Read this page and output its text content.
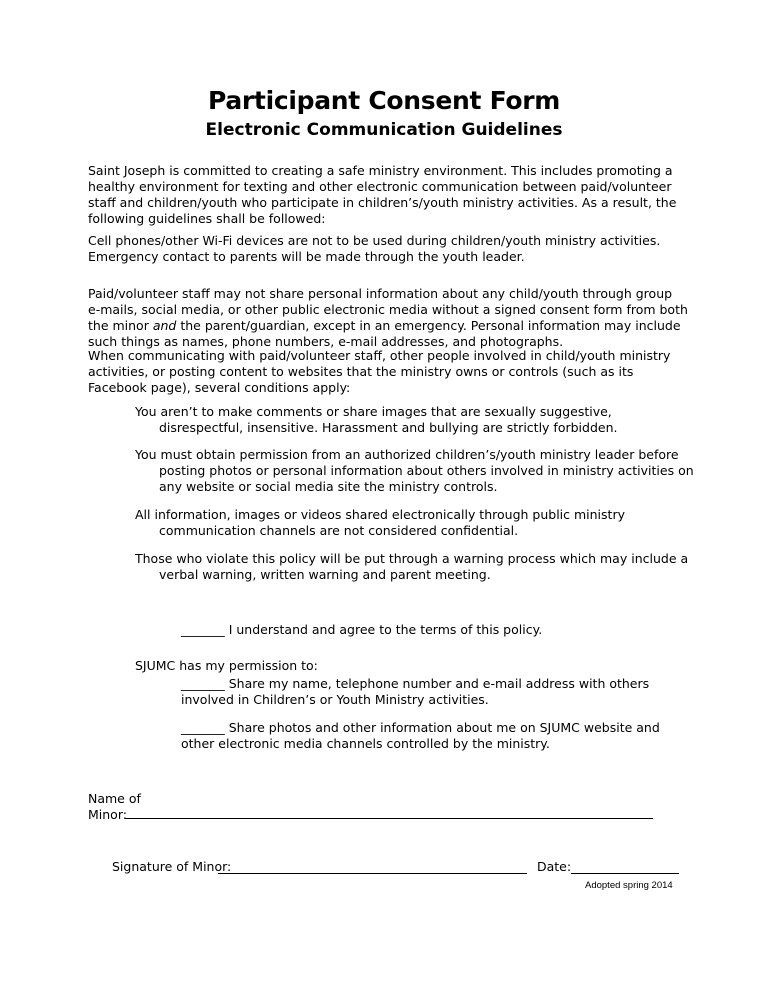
Participant Consent Form
Electronic Communication Guidelines
Saint Joseph is committed to creating a safe ministry environment. This includes promoting a healthy environment for texting and other electronic communication between paid/volunteer staff and children/youth who participate in children’s/youth ministry activities. As a result, the following guidelines shall be followed:
Cell phones/other Wi-Fi devices are not to be used during children/youth ministry activities. Emergency contact to parents will be made through the youth leader.
Paid/volunteer staff may not share personal information about any child/youth through group e-mails, social media, or other public electronic media without a signed consent form from both the minor and the parent/guardian, except in an emergency. Personal information may include such things as names, phone numbers, e-mail addresses, and photographs.
When communicating with paid/volunteer staff, other people involved in child/youth ministry activities, or posting content to websites that the ministry owns or controls (such as its Facebook page), several conditions apply:
You aren’t to make comments or share images that are sexually suggestive, disrespectful, insensitive. Harassment and bullying are strictly forbidden.
You must obtain permission from an authorized children’s/youth ministry leader before posting photos or personal information about others involved in ministry activities on any website or social media site the ministry controls.
All information, images or videos shared electronically through public ministry communication channels are not considered confidential.
Those who violate this policy will be put through a warning process which may include a verbal warning, written warning and parent meeting.
_______ I understand and agree to the terms of this policy.
SJUMC has my permission to:
_______ Share my name, telephone number and e-mail address with others involved in Children’s or Youth Ministry activities.
_______ Share photos and other information about me on SJUMC website and other electronic media channels controlled by the ministry.
Name of
Minor:
Signature of Minor:	Date:
Adopted spring 2014
